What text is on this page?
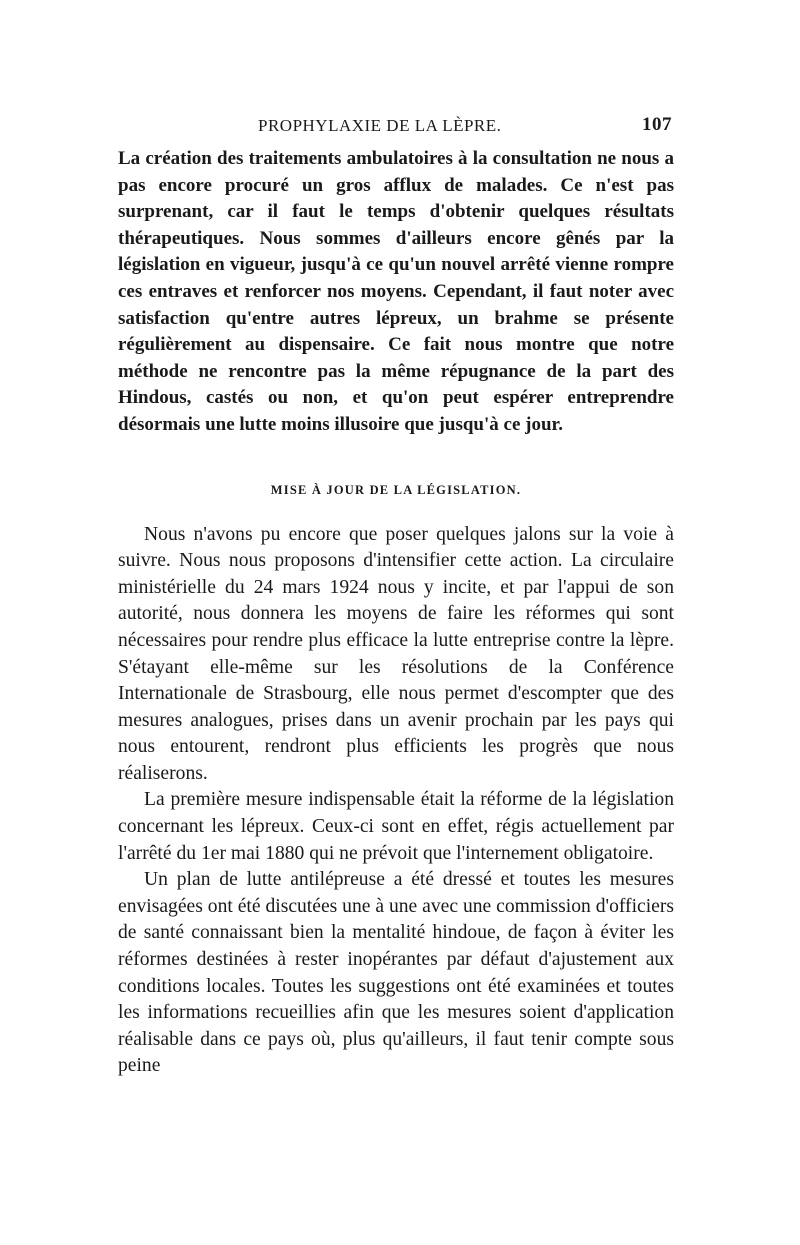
PROPHYLAXIE DE LA LÈPRE.	107

La création des traitements ambulatoires à la consultation ne nous a pas encore procuré un gros afflux de malades. Ce n'est pas surprenant, car il faut le temps d'obtenir quelques résultats thérapeutiques. Nous sommes d'ailleurs encore gênés par la législation en vigueur, jusqu'à ce qu'un nouvel arrêté vienne rompre ces entraves et renforcer nos moyens. Cependant, il faut noter avec satisfaction qu'entre autres lépreux, un brahme se présente régulièrement au dispensaire. Ce fait nous montre que notre méthode ne rencontre pas la même répugnance de la part des Hindous, castés ou non, et qu'on peut espérer entreprendre désormais une lutte moins illusoire que jusqu'à ce jour.

MISE À JOUR DE LA LÉGISLATION.

Nous n'avons pu encore que poser quelques jalons sur la voie à suivre. Nous nous proposons d'intensifier cette action. La circulaire ministérielle du 24 mars 1924 nous y incite, et par l'appui de son autorité, nous donnera les moyens de faire les réformes qui sont nécessaires pour rendre plus efficace la lutte entreprise contre la lèpre. S'étayant elle-même sur les résolutions de la Conférence Internationale de Strasbourg, elle nous permet d'escompter que des mesures analogues, prises dans un avenir prochain par les pays qui nous entourent, rendront plus efficients les progrès que nous réaliserons.

La première mesure indispensable était la réforme de la législation concernant les lépreux. Ceux-ci sont en effet, régis actuellement par l'arrêté du 1er mai 1880 qui ne prévoit que l'internement obligatoire.

Un plan de lutte antilépreuse a été dressé et toutes les mesures envisagées ont été discutées une à une avec une commission d'officiers de santé connaissant bien la mentalité hindoue, de façon à éviter les réformes destinées à rester inopérantes par défaut d'ajustement aux conditions locales. Toutes les suggestions ont été examinées et toutes les informations recueillies afin que les mesures soient d'application réalisable dans ce pays où, plus qu'ailleurs, il faut tenir compte sous peine
